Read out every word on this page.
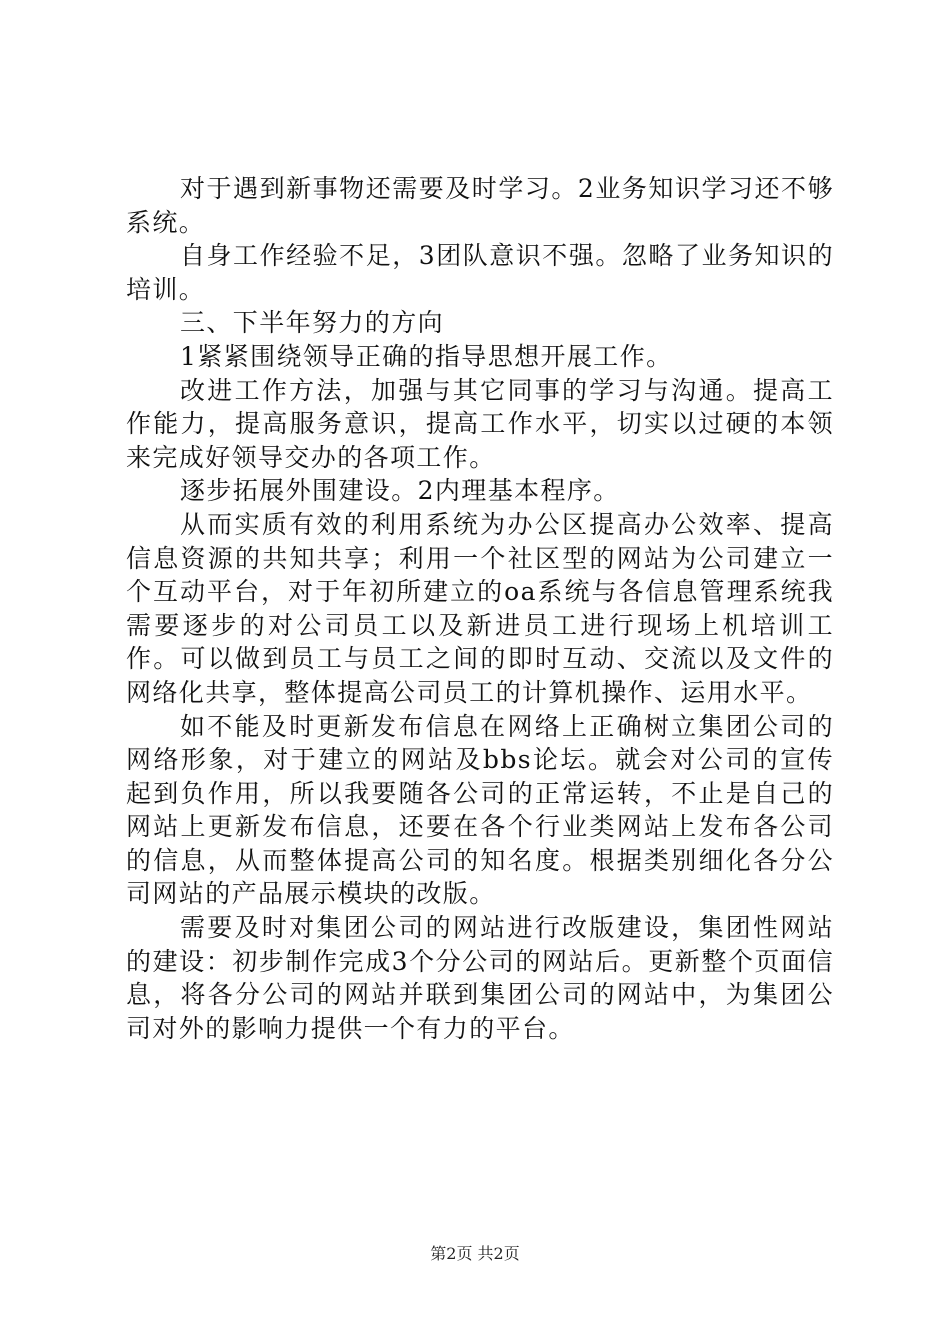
对于遇到新事物还需要及时学习。2业务知识学习还不够系统。

自身工作经验不足，3团队意识不强。忽略了业务知识的培训。

三、下半年努力的方向

1紧紧围绕领导正确的指导思想开展工作。

改进工作方法，加强与其它同事的学习与沟通。提高工作能力，提高服务意识，提高工作水平，切实以过硬的本领来完成好领导交办的各项工作。

逐步拓展外围建设。2内理基本程序。

从而实质有效的利用系统为办公区提高办公效率、提高信息资源的共知共享；利用一个社区型的网站为公司建立一个互动平台，对于年初所建立的oa系统与各信息管理系统我需要逐步的对公司员工以及新进员工进行现场上机培训工作。可以做到员工与员工之间的即时互动、交流以及文件的网络化共享，整体提高公司员工的计算机操作、运用水平。

如不能及时更新发布信息在网络上正确树立集团公司的网络形象，对于建立的网站及bbs论坛。就会对公司的宣传起到负作用，所以我要随各公司的正常运转，不止是自己的网站上更新发布信息，还要在各个行业类网站上发布各公司的信息，从而整体提高公司的知名度。根据类别细化各分公司网站的产品展示模块的改版。

需要及时对集团公司的网站进行改版建设，集团性网站的建设：初步制作完成3个分公司的网站后。更新整个页面信息，将各分公司的网站并联到集团公司的网站中，为集团公司对外的影响力提供一个有力的平台。

第2页 共2页
